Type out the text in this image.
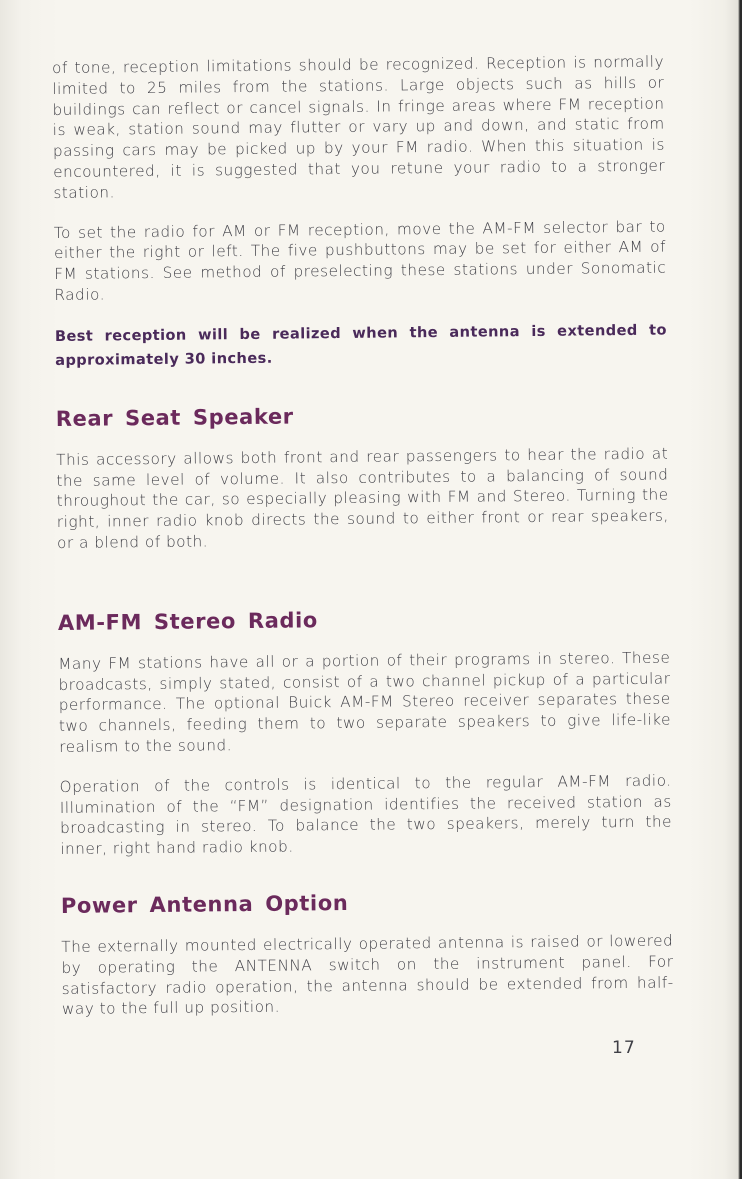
of tone, reception limitations should be recognized. Reception is normally limited to 25 miles from the stations. Large objects such as hills or buildings can reflect or cancel signals. In fringe areas where FM reception is weak, station sound may flutter or vary up and down, and static from passing cars may be picked up by your FM radio. When this situation is encountered, it is suggested that you retune your radio to a stronger station.

To set the radio for AM or FM reception, move the AM-FM selector bar to either the right or left. The five pushbuttons may be set for either AM of FM stations. See method of preselecting these stations under Sonomatic Radio.

Best reception will be realized when the antenna is extended to approximately 30 inches.

Rear Seat Speaker

This accessory allows both front and rear passengers to hear the radio at the same level of volume. It also contributes to a balancing of sound throughout the car, so especially pleasing with FM and Stereo. Turning the right, inner radio knob directs the sound to either front or rear speakers, or a blend of both.

AM-FM Stereo Radio

Many FM stations have all or a portion of their programs in stereo. These broadcasts, simply stated, consist of a two channel pickup of a particular performance. The optional Buick AM-FM Stereo receiver separates these two channels, feeding them to two separate speakers to give life-like realism to the sound.

Operation of the controls is identical to the regular AM-FM radio. Illumination of the “FM” designation identifies the received station as broadcasting in stereo. To balance the two speakers, merely turn the inner, right hand radio knob.

Power Antenna Option

The externally mounted electrically operated antenna is raised or lowered by operating the ANTENNA switch on the instrument panel. For satisfactory radio operation, the antenna should be extended from half-way to the full up position.

17
